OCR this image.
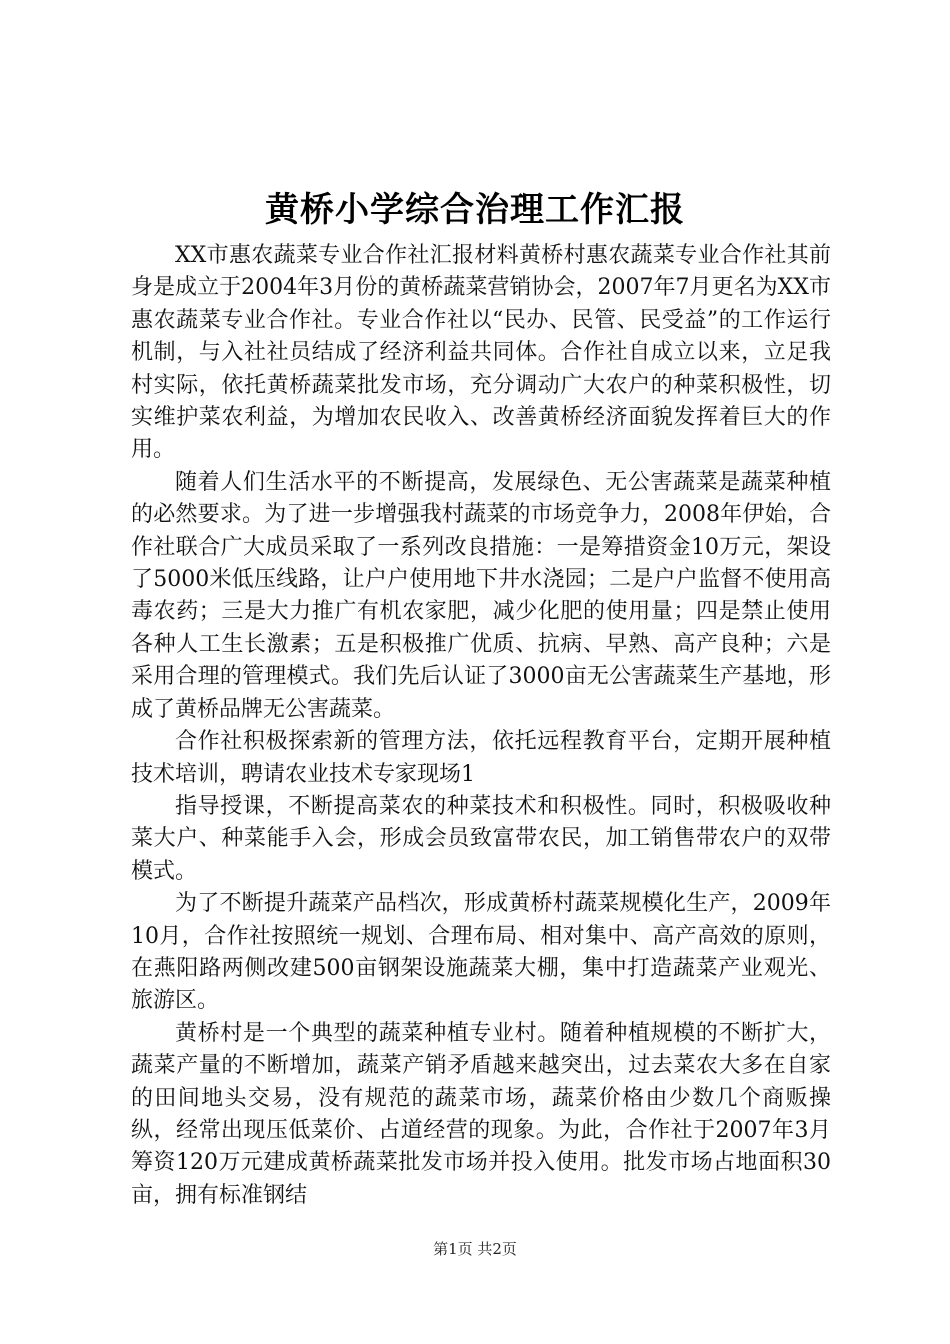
黄桥小学综合治理工作汇报

XX市惠农蔬菜专业合作社汇报材料黄桥村惠农蔬菜专业合作社其前身是成立于2004年3月份的黄桥蔬菜营销协会，2007年7月更名为XX市惠农蔬菜专业合作社。专业合作社以“民办、民管、民受益”的工作运行机制，与入社社员结成了经济利益共同体。合作社自成立以来，立足我村实际，依托黄桥蔬菜批发市场，充分调动广大农户的种菜积极性，切实维护菜农利益，为增加农民收入、改善黄桥经济面貌发挥着巨大的作用。

随着人们生活水平的不断提高，发展绿色、无公害蔬菜是蔬菜种植的必然要求。为了进一步增强我村蔬菜的市场竞争力，2008年伊始，合作社联合广大成员采取了一系列改良措施：一是筹措资金10万元，架设了5000米低压线路，让户户使用地下井水浇园；二是户户监督不使用高毒农药；三是大力推广有机农家肥，减少化肥的使用量；四是禁止使用各种人工生长激素；五是积极推广优质、抗病、早熟、高产良种；六是采用合理的管理模式。我们先后认证了3000亩无公害蔬菜生产基地，形成了黄桥品牌无公害蔬菜。

合作社积极探索新的管理方法，依托远程教育平台，定期开展种植技术培训，聘请农业技术专家现场1

指导授课，不断提高菜农的种菜技术和积极性。同时，积极吸收种菜大户、种菜能手入会，形成会员致富带农民，加工销售带农户的双带模式。

为了不断提升蔬菜产品档次，形成黄桥村蔬菜规模化生产，2009年10月，合作社按照统一规划、合理布局、相对集中、高产高效的原则，在燕阳路两侧改建500亩钢架设施蔬菜大棚，集中打造蔬菜产业观光、旅游区。

黄桥村是一个典型的蔬菜种植专业村。随着种植规模的不断扩大，蔬菜产量的不断增加，蔬菜产销矛盾越来越突出，过去菜农大多在自家的田间地头交易，没有规范的蔬菜市场，蔬菜价格由少数几个商贩操纵，经常出现压低菜价、占道经营的现象。为此，合作社于2007年3月筹资120万元建成黄桥蔬菜批发市场并投入使用。批发市场占地面积30亩，拥有标准钢结

第1页 共2页
